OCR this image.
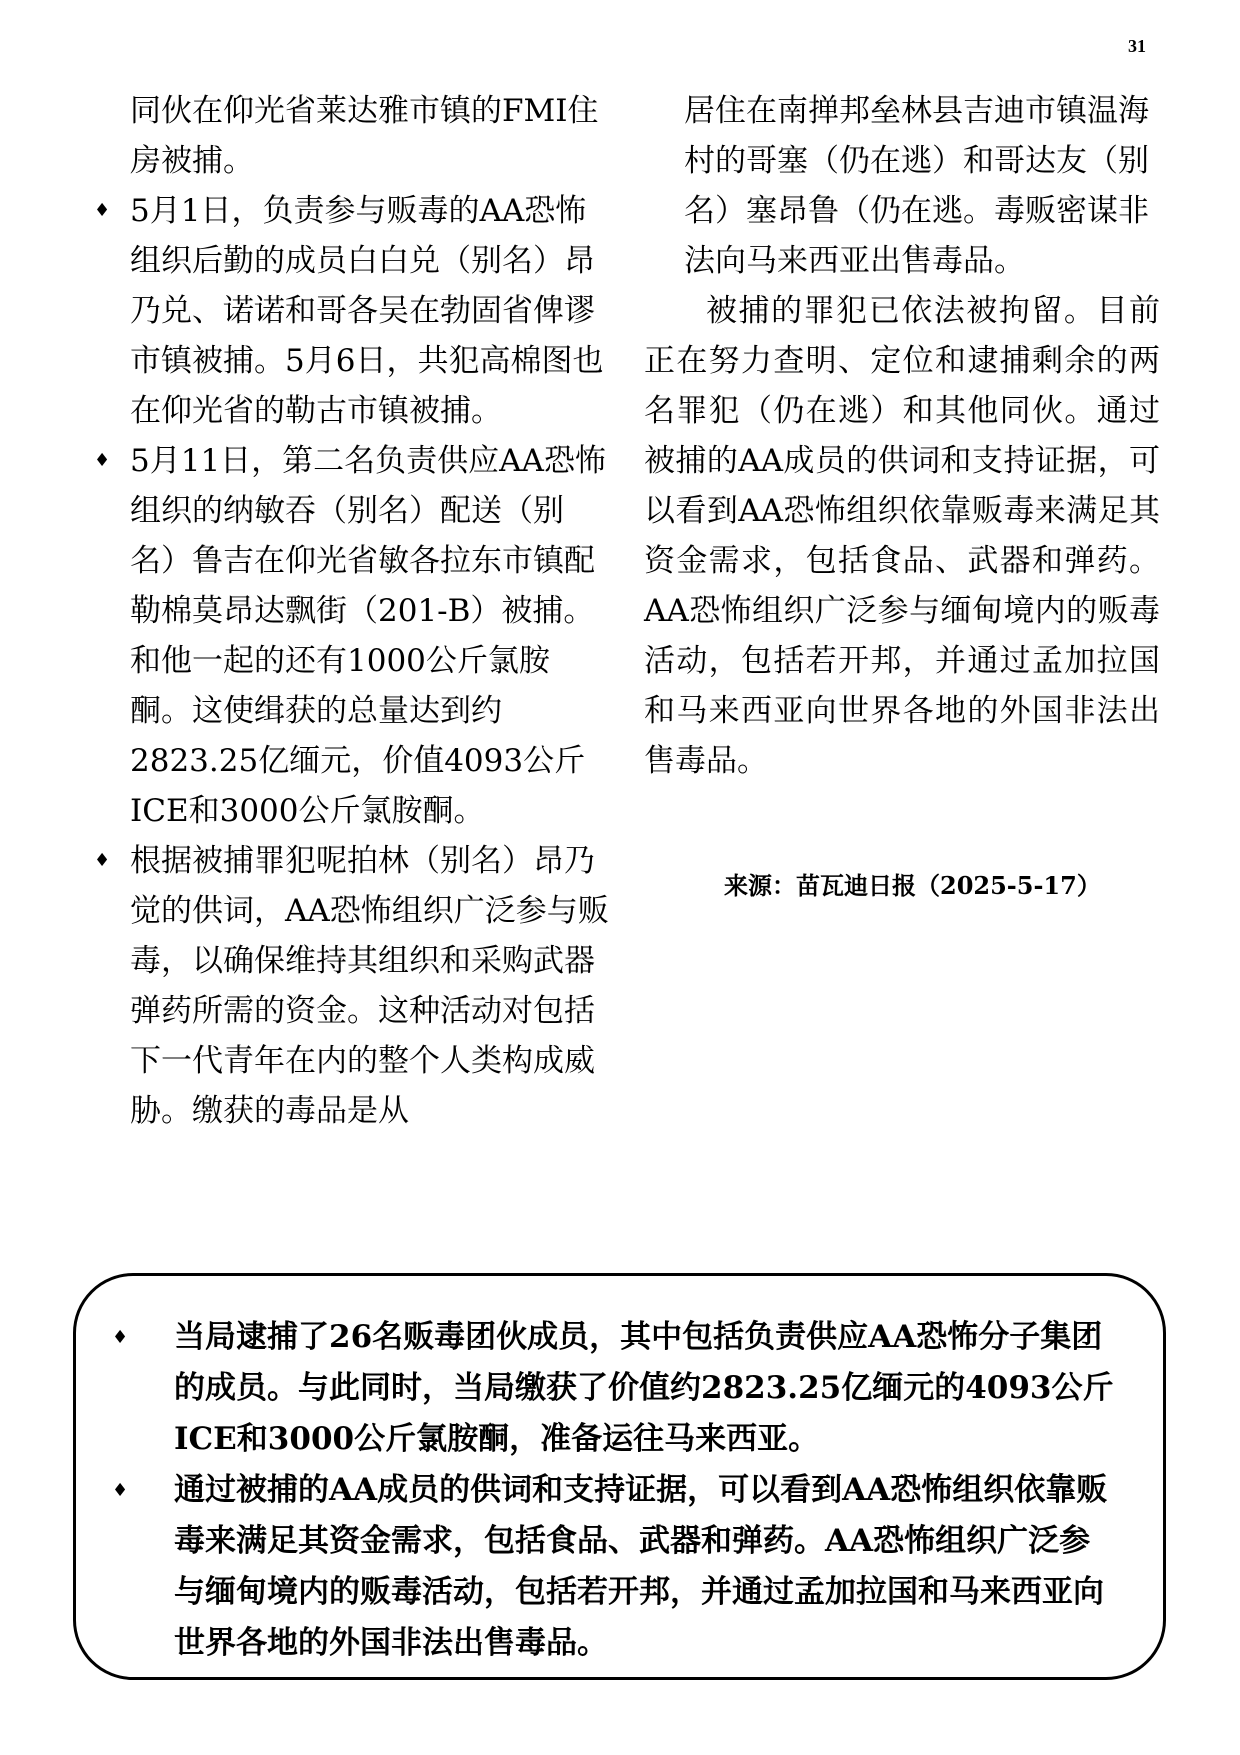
31

同伙在仰光省莱达雅市镇的FMI住房被捕。

♦ 5月1日，负责参与贩毒的AA恐怖组织后勤的成员白白兑（别名）昂乃兑、诺诺和哥各吴在勃固省俾谬市镇被捕。5月6日，共犯高棉图也在仰光省的勒古市镇被捕。

♦ 5月11日，第二名负责供应AA恐怖组织的纳敏吞（别名）配送（别名）鲁吉在仰光省敏各拉东市镇配勒棉莫昂达飘街（201-B）被捕。和他一起的还有1000公斤氯胺酮。这使缉获的总量达到约2823.25亿缅元，价值4093公斤ICE和3000公斤氯胺酮。

♦ 根据被捕罪犯呢拍林（别名）昂乃觉的供词，AA恐怖组织广泛参与贩毒，以确保维持其组织和采购武器弹药所需的资金。这种活动对包括下一代青年在内的整个人类构成威胁。缴获的毒品是从

居住在南掸邦垒林县吉迪市镇温海村的哥塞（仍在逃）和哥达友（别名）塞昂鲁（仍在逃。毒贩密谋非法向马来西亚出售毒品。

被捕的罪犯已依法被拘留。目前正在努力查明、定位和逮捕剩余的两名罪犯（仍在逃）和其他同伙。通过被捕的AA成员的供词和支持证据，可以看到AA恐怖组织依靠贩毒来满足其资金需求，包括食品、武器和弹药。AA恐怖组织广泛参与缅甸境内的贩毒活动，包括若开邦，并通过孟加拉国和马来西亚向世界各地的外国非法出售毒品。

来源：苗瓦迪日报（2025-5-17）

♦ 当局逮捕了26名贩毒团伙成员，其中包括负责供应AA恐怖分子集团的成员。与此同时，当局缴获了价值约2823.25亿缅元的4093公斤ICE和3000公斤氯胺酮，准备运往马来西亚。

♦ 通过被捕的AA成员的供词和支持证据，可以看到AA恐怖组织依靠贩毒来满足其资金需求，包括食品、武器和弹药。AA恐怖组织广泛参与缅甸境内的贩毒活动，包括若开邦，并通过孟加拉国和马来西亚向世界各地的外国非法出售毒品。
